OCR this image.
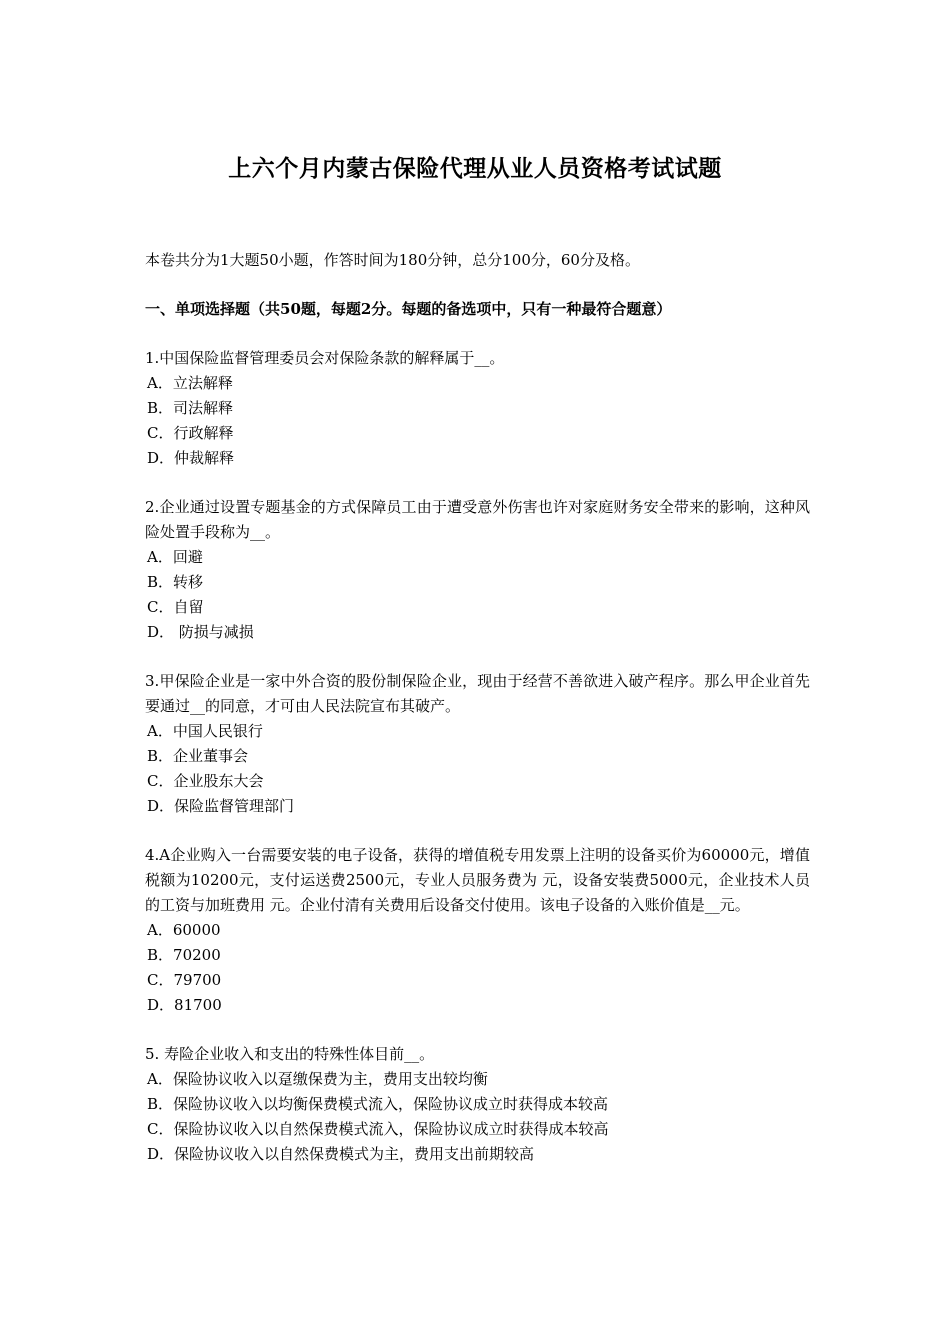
上六个月内蒙古保险代理从业人员资格考试试题

本卷共分为1大题50小题，作答时间为180分钟，总分100分，60分及格。

一、单项选择题（共50题，每题2分。每题的备选项中，只有一种最符合题意）

1.中国保险监督管理委员会对保险条款的解释属于__。

A．立法解释
B．司法解释
C．行政解释
D．仲裁解释

2.企业通过设置专题基金的方式保障员工由于遭受意外伤害也许对家庭财务安全带来的影响，这种风险处置手段称为__。

A．回避
B．转移
C．自留
D． 防损与减损

3.甲保险企业是一家中外合资的股份制保险企业，现由于经营不善欲进入破产程序。那么甲企业首先要通过__的同意，才可由人民法院宣布其破产。

A．中国人民银行
B．企业董事会
C．企业股东大会
D．保险监督管理部门

4.A企业购入一台需要安装的电子设备，获得的增值税专用发票上注明的设备买价为60000元，增值税额为10200元，支付运送费2500元，专业人员服务费为 元，设备安装费5000元，企业技术人员的工资与加班费用 元。企业付清有关费用后设备交付使用。该电子设备的入账价值是__元。

A．60000
B．70200
C．79700
D．81700

5. 寿险企业收入和支出的特殊性体目前__。

A．保险协议收入以趸缴保费为主，费用支出较均衡
B．保险协议收入以均衡保费模式流入，保险协议成立时获得成本较高
C．保险协议收入以自然保费模式流入，保险协议成立时获得成本较高
D．保险协议收入以自然保费模式为主，费用支出前期较高
